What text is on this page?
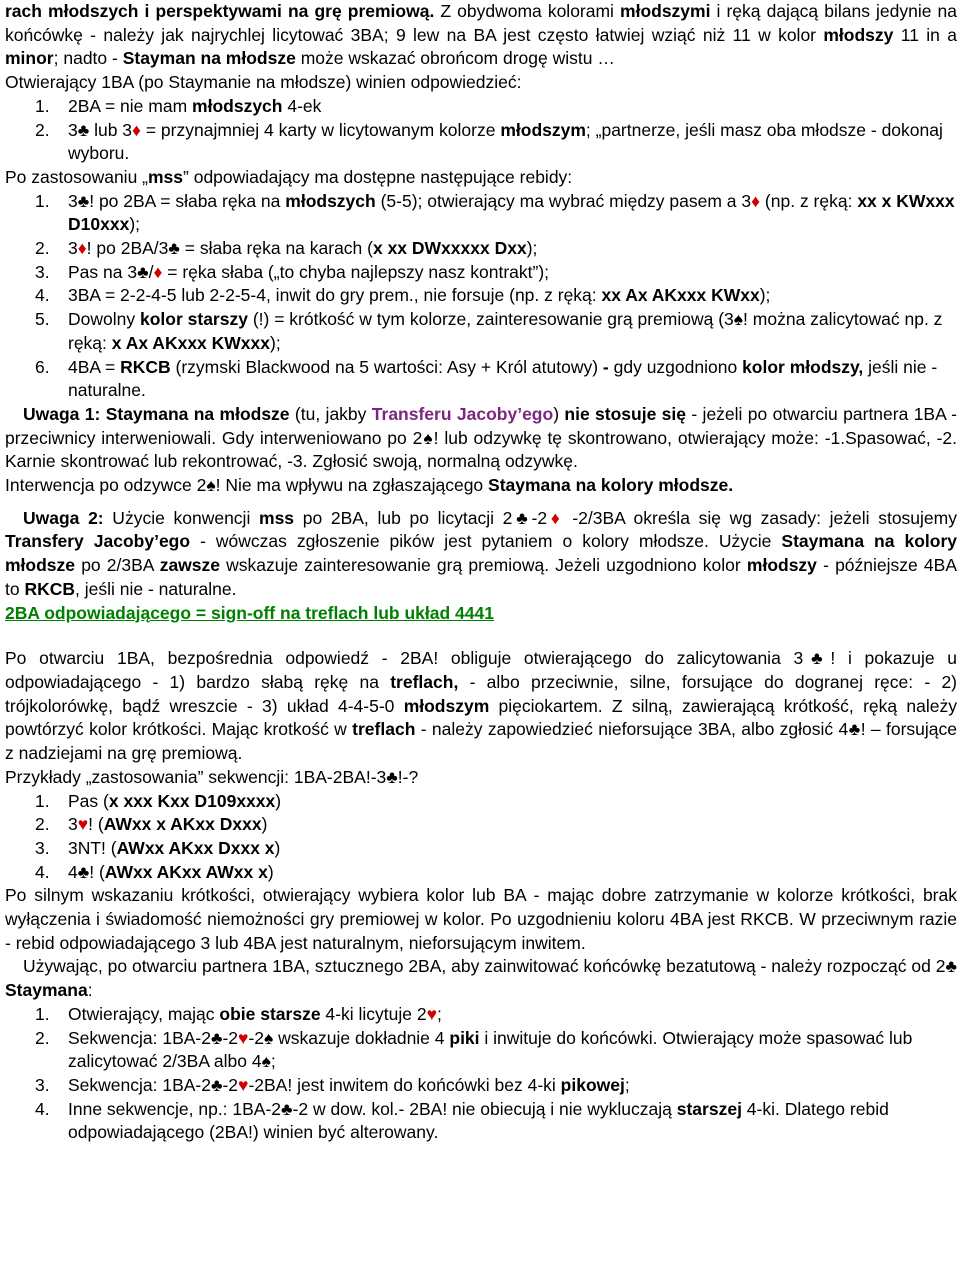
rach młodszych i perspektywami na grę premiową. Z obydwoma kolorami młodszymi i ręką dającą bilans jedynie na końcówkę - należy jak najrychlej licytować 3BA; 9 lew na BA jest często łatwiej wziąć niż 11 w kolor młodszy 11 in a minor; nadto - Stayman na młodsze może wskazać obrońcom drogę wistu …

Otwierający 1BA (po Staymanie na młodsze) winien odpowiedzieć:

1. 2BA = nie mam młodszych 4-ek

2. 3♣ lub 3♦ = przynajmniej 4 karty w licytowanym kolorze młodszym; „partnerze, jeśli masz oba młodsze - dokonaj wyboru.

Po zastosowaniu „mss” odpowiadający ma dostępne następujące rebidy:

1. 3♣! po 2BA = słaba ręka na młodszych (5-5); otwierający ma wybrać między pasem a 3♦ (np. z ręką: xx x KWxxx D10xxx);

2. 3♦! po 2BA/3♣ = słaba ręka na karach (x xx DWxxxxx Dxx);

3. Pas na 3♣/♦ = ręka słaba („to chyba najlepszy nasz kontrakt”);

4. 3BA = 2-2-4-5 lub 2-2-5-4, inwit do gry prem., nie forsuje (np. z ręką: xx Ax AKxxx KWxx);

5. Dowolny kolor starszy (!) = krótkość w tym kolorze, zainteresowanie grą premiową (3♠! można zalicytować np. z ręką: x Ax AKxxx KWxxx);

6. 4BA = RKCB (rzymski Blackwood na 5 wartości: Asy + Król atutowy) - gdy uzgodniono kolor młodszy, jeśli nie - naturalne.

Uwaga 1: Staymana na młodsze (tu, jakby Transferu Jacoby’ego) nie stosuje się - jeżeli po otwarciu partnera 1BA - przeciwnicy interweniowali. Gdy interweniowano po 2♠! lub odzywkę tę skontrowano, otwierający może: -1.Spasować, -2. Karnie skontrować lub rekontrować, -3. Zgłosić swoją, normalną odzywkę.

Interwencja po odzywce 2♠! Nie ma wpływu na zgłaszającego Staymana na kolory młodsze.

Uwaga 2: Użycie konwencji mss po 2BA, lub po licytacji 2♣-2♦ -2/3BA określa się wg zasady: jeżeli stosujemy Transfery Jacoby’ego - wówczas zgłoszenie pików jest pytaniem o kolory młodsze. Użycie Staymana na kolory młodsze po 2/3BA zawsze wskazuje zainteresowanie grą premiową. Jeżeli uzgodniono kolor młodszy - późniejsze 4BA to RKCB, jeśli nie - naturalne.

2BA odpowiadającego = sign-off na treflach lub układ 4441

Po otwarciu 1BA, bezpośrednia odpowiedź - 2BA! obliguje otwierającego do zalicytowania 3♣! i pokazuje u odpowiadającego - 1) bardzo słabą rękę na treflach, - albo przeciwnie, silne, forsujące do dogranej ręce: - 2) trójkolorówkę, bądź wreszcie - 3) układ 4-4-5-0 młodszym pięciokartem. Z silną, zawierającą krótkość, ręką należy powtórzyć kolor krótkości. Mając krotkość w treflach - należy zapowiedzieć nieforsujące 3BA, albo zgłosić 4♣! – forsujące z nadziejami na grę premiową.

Przykłady „zastosowania” sekwencji: 1BA-2BA!-3♣!-?

1. Pas (x xxx Kxx D109xxxx)

2. 3♥! (AWxx x AKxx Dxxx)

3. 3NT! (AWxx AKxx Dxxx x)

4. 4♣! (AWxx AKxx AWxx x)

Po silnym wskazaniu krótkości, otwierający wybiera kolor lub BA - mając dobre zatrzymanie w kolorze krótkości, brak wyłączenia i świadomość niemożności gry premiowej w kolor. Po uzgodnieniu koloru 4BA jest RKCB. W przeciwnym razie - rebid odpowiadającego 3 lub 4BA jest naturalnym, nieforsującym inwitem.

Używając, po otwarciu partnera 1BA, sztucznego 2BA, aby zainwitować końcówkę bezatutową - należy rozpocząć od 2♣ Staymana:

1. Otwierający, mając obie starsze 4-ki licytuje 2♥;

2. Sekwencja: 1BA-2♣-2♥-2♠ wskazuje dokładnie 4 piki i inwituje do końcówki. Otwierający może spasować lub zalicytować 2/3BA albo 4♠;

3. Sekwencja: 1BA-2♣-2♥-2BA! jest inwitem do końcówki bez 4-ki pikowej;

4. Inne sekwencje, np.: 1BA-2♣-2 w dow. kol.- 2BA! nie obiecują i nie wykluczają starszej 4-ki. Dlatego rebid odpowiadającego (2BA!) winien być alterowany.
